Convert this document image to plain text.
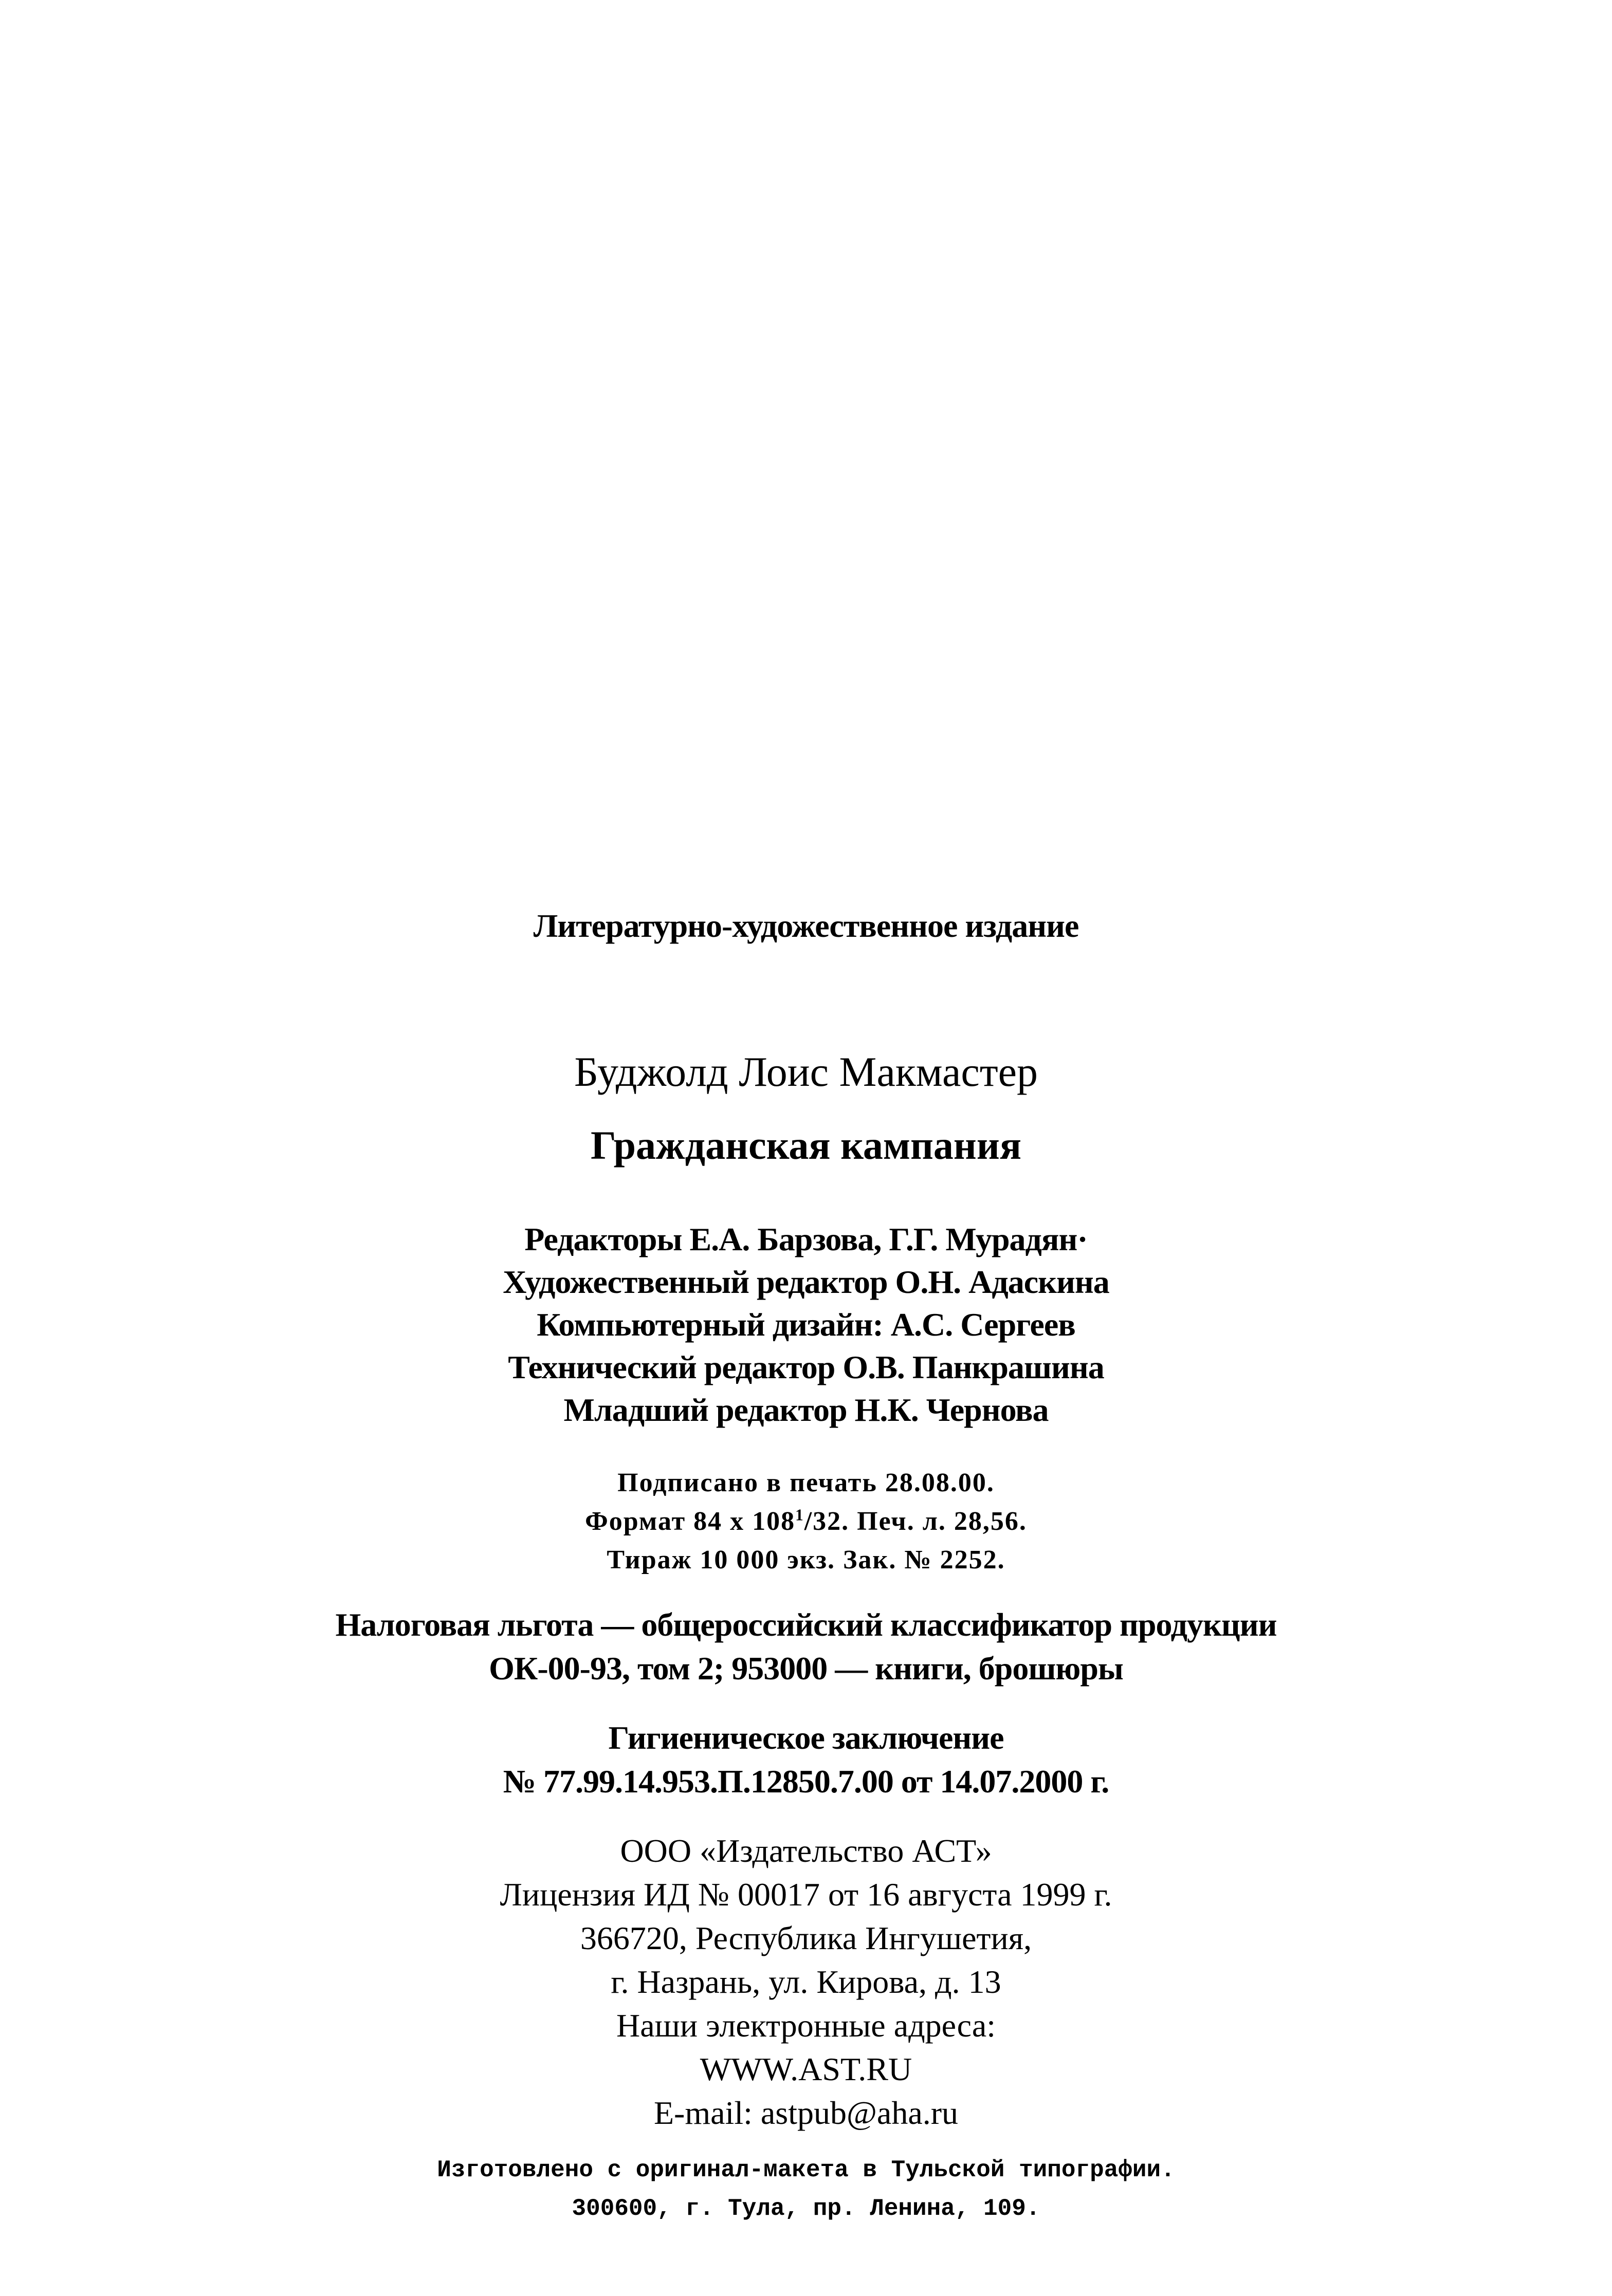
Литературно-художественное издание
Буджолд Лоис Макмастер
Гражданская кампания
Редакторы Е.А. Барзова, Г.Г. Мурадян·
Художественный редактор О.Н. Адаскина
Компьютерный дизайн: А.С. Сергеев
Технический редактор О.В. Панкрашина
Младший редактор Н.К. Чернова
Подписано в печать 28.08.00.
Формат 84 х $108^1/32$. Печ. л. 28,56.
Тираж 10 000 экз. Зак. № 2252.
Налоговая льгота — общероссийский классификатор продукции
ОК-00-93, том 2; 953000 — книги, брошюры
Гигиеническое заключение
№ 77.99.14.953.П.12850.7.00 от 14.07.2000 г.
ООО «Издательство АСТ»
Лицензия ИД № 00017 от 16 августа 1999 г.
366720, Республика Ингушетия,
г. Назрань, ул. Кирова, д. 13
Наши электронные адреса:
WWW.AST.RU
E-mail: astpub@aha.ru
Изготовлено с оригинал-макета в Тульской типографии.
300600, г. Тула, пр. Ленина, 109.
